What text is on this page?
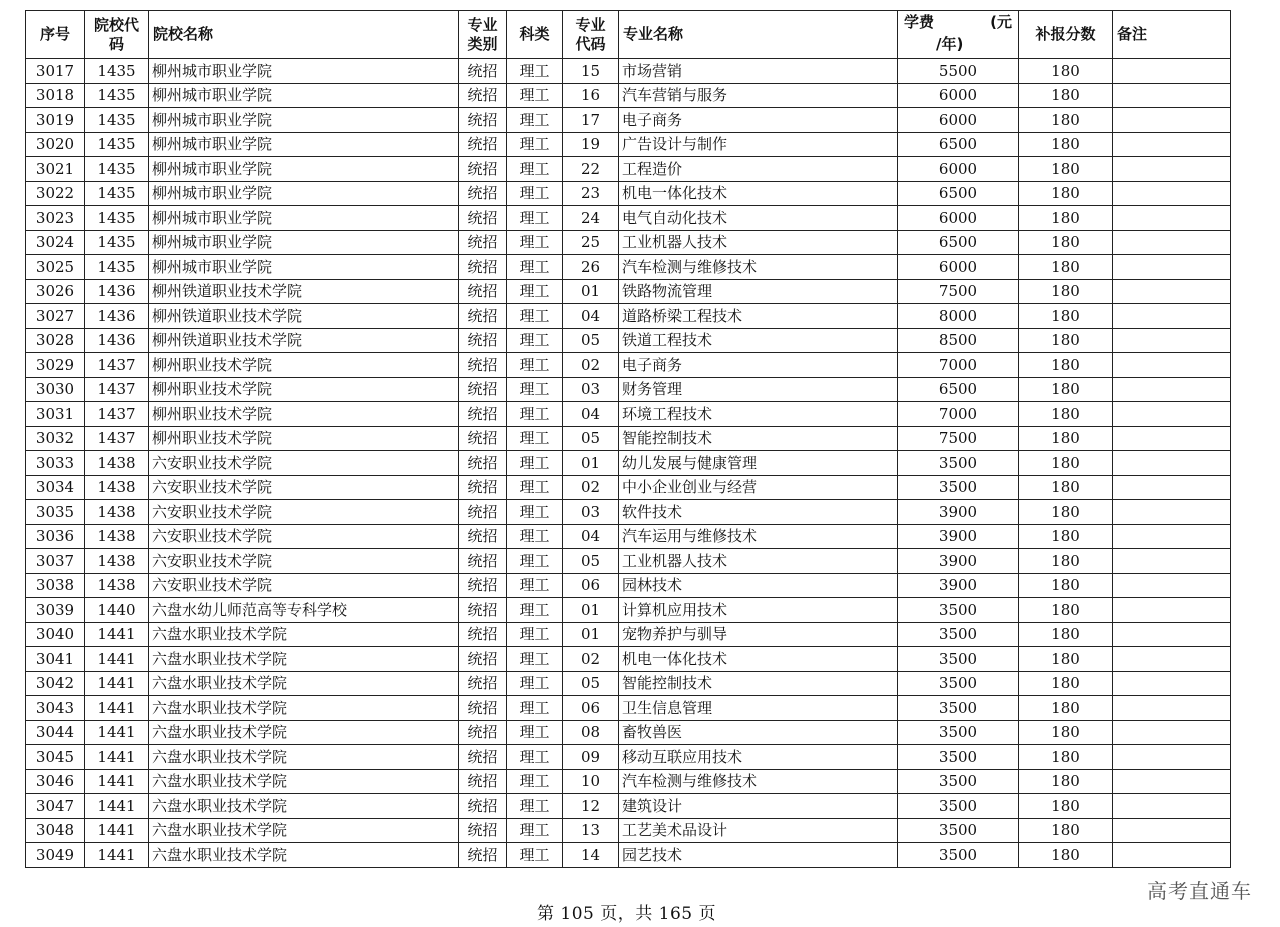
序号	院校代码	院校名称	专业类别	科类	专业代码	专业名称	学费 (元
/年)	补报分数	备注
3017	1435	柳州城市职业学院	统招	理工	15	市场营销	5500	180	
3018	1435	柳州城市职业学院	统招	理工	16	汽车营销与服务	6000	180	
3019	1435	柳州城市职业学院	统招	理工	17	电子商务	6000	180	
3020	1435	柳州城市职业学院	统招	理工	19	广告设计与制作	6500	180	
3021	1435	柳州城市职业学院	统招	理工	22	工程造价	6000	180	
3022	1435	柳州城市职业学院	统招	理工	23	机电一体化技术	6500	180	
3023	1435	柳州城市职业学院	统招	理工	24	电气自动化技术	6000	180	
3024	1435	柳州城市职业学院	统招	理工	25	工业机器人技术	6500	180	
3025	1435	柳州城市职业学院	统招	理工	26	汽车检测与维修技术	6000	180	
3026	1436	柳州铁道职业技术学院	统招	理工	01	铁路物流管理	7500	180	
3027	1436	柳州铁道职业技术学院	统招	理工	04	道路桥梁工程技术	8000	180	
3028	1436	柳州铁道职业技术学院	统招	理工	05	铁道工程技术	8500	180	
3029	1437	柳州职业技术学院	统招	理工	02	电子商务	7000	180	
3030	1437	柳州职业技术学院	统招	理工	03	财务管理	6500	180	
3031	1437	柳州职业技术学院	统招	理工	04	环境工程技术	7000	180	
3032	1437	柳州职业技术学院	统招	理工	05	智能控制技术	7500	180	
3033	1438	六安职业技术学院	统招	理工	01	幼儿发展与健康管理	3500	180	
3034	1438	六安职业技术学院	统招	理工	02	中小企业创业与经营	3500	180	
3035	1438	六安职业技术学院	统招	理工	03	软件技术	3900	180	
3036	1438	六安职业技术学院	统招	理工	04	汽车运用与维修技术	3900	180	
3037	1438	六安职业技术学院	统招	理工	05	工业机器人技术	3900	180	
3038	1438	六安职业技术学院	统招	理工	06	园林技术	3900	180	
3039	1440	六盘水幼儿师范高等专科学校	统招	理工	01	计算机应用技术	3500	180	
3040	1441	六盘水职业技术学院	统招	理工	01	宠物养护与驯导	3500	180	
3041	1441	六盘水职业技术学院	统招	理工	02	机电一体化技术	3500	180	
3042	1441	六盘水职业技术学院	统招	理工	05	智能控制技术	3500	180	
3043	1441	六盘水职业技术学院	统招	理工	06	卫生信息管理	3500	180	
3044	1441	六盘水职业技术学院	统招	理工	08	畜牧兽医	3500	180	
3045	1441	六盘水职业技术学院	统招	理工	09	移动互联应用技术	3500	180	
3046	1441	六盘水职业技术学院	统招	理工	10	汽车检测与维修技术	3500	180	
3047	1441	六盘水职业技术学院	统招	理工	12	建筑设计	3500	180	
3048	1441	六盘水职业技术学院	统招	理工	13	工艺美术品设计	3500	180	
3049	1441	六盘水职业技术学院	统招	理工	14	园艺技术	3500	180	
高考直通车
第 105 页，共 165 页
